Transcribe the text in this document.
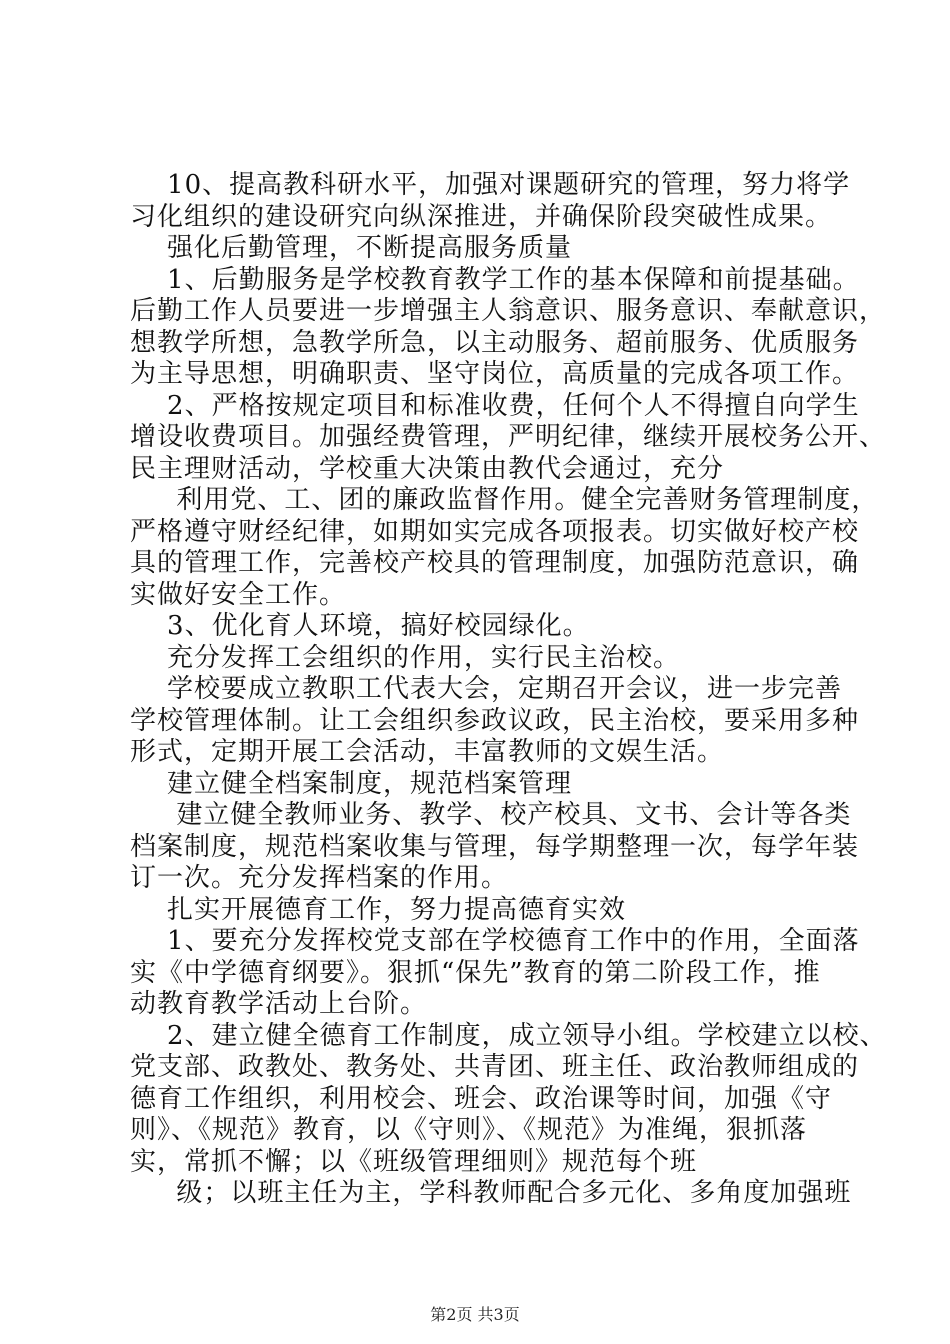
10、提高教科研水平，加强对课题研究的管理，努力将学
习化组织的建设研究向纵深推进，并确保阶段突破性成果。
强化后勤管理，不断提高服务质量
1、后勤服务是学校教育教学工作的基本保障和前提基础。
后勤工作人员要进一步增强主人翁意识、服务意识、奉献意识，
想教学所想，急教学所急，以主动服务、超前服务、优质服务
为主导思想，明确职责、坚守岗位，高质量的完成各项工作。
2、严格按规定项目和标准收费，任何个人不得擅自向学生
增设收费项目。加强经费管理，严明纪律，继续开展校务公开、
民主理财活动，学校重大决策由教代会通过，充分
利用党、工、团的廉政监督作用。健全完善财务管理制度，
严格遵守财经纪律，如期如实完成各项报表。切实做好校产校
具的管理工作，完善校产校具的管理制度，加强防范意识，确
实做好安全工作。
3、优化育人环境，搞好校园绿化。
充分发挥工会组织的作用，实行民主治校。
学校要成立教职工代表大会，定期召开会议，进一步完善
学校管理体制。让工会组织参政议政，民主治校，要采用多种
形式，定期开展工会活动，丰富教师的文娱生活。
建立健全档案制度，规范档案管理
建立健全教师业务、教学、校产校具、文书、会计等各类
档案制度，规范档案收集与管理，每学期整理一次，每学年装
订一次。充分发挥档案的作用。
扎实开展德育工作，努力提高德育实效
1、要充分发挥校党支部在学校德育工作中的作用，全面落
实《中学德育纲要》。狠抓“保先”教育的第二阶段工作，推
动教育教学活动上台阶。
2、建立健全德育工作制度，成立领导小组。学校建立以校、
党支部、政教处、教务处、共青团、班主任、政治教师组成的
德育工作组织，利用校会、班会、政治课等时间，加强《守
则》、《规范》教育，以《守则》、《规范》为准绳，狠抓落
实，常抓不懈；以《班级管理细则》规范每个班
级；以班主任为主，学科教师配合多元化、多角度加强班
第2页 共3页
